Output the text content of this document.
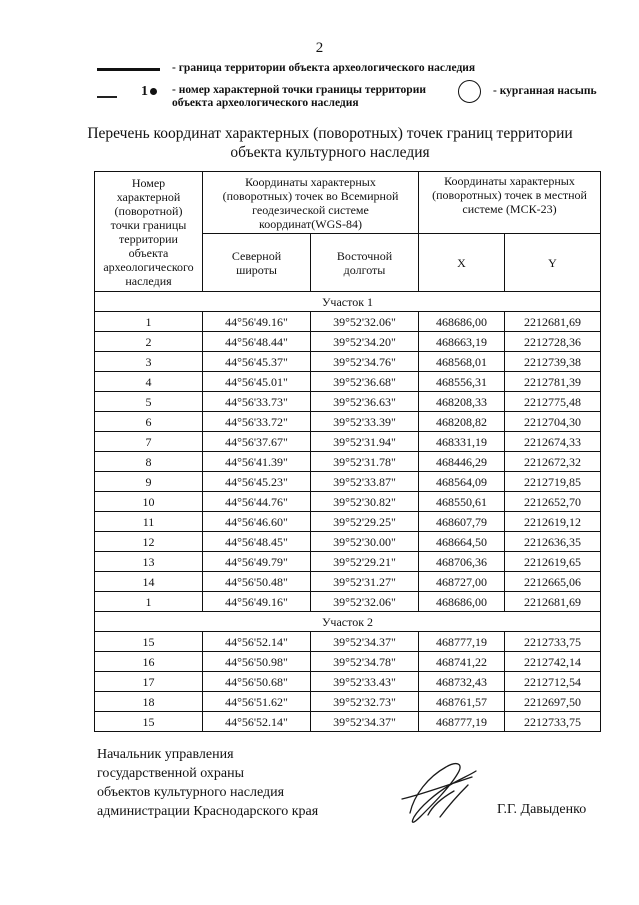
2
- граница территории объекта археологического наследия
1	- номер характерной точки границы территории
объекта археологического наследия
- курганная насыпь
Перечень координат характерных (поворотных) точек границ территории
объекта культурного наследия
Номер характерной (поворотной) точки границы территории объекта археологического наследия	Координаты характерных (поворотных) точек во Всемирной геодезической системе координат(WGS-84)		Координаты характерных (поворотных) точек в местной системе (МСК-23)	
	Северной широты	Восточной долготы	X	Y
Участок 1				
1	44°56'49.16"	39°52'32.06"	468686,00	2212681,69
2	44°56'48.44"	39°52'34.20"	468663,19	2212728,36
3	44°56'45.37"	39°52'34.76"	468568,01	2212739,38
4	44°56'45.01"	39°52'36.68"	468556,31	2212781,39
5	44°56'33.73"	39°52'36.63"	468208,33	2212775,48
6	44°56'33.72"	39°52'33.39"	468208,82	2212704,30
7	44°56'37.67"	39°52'31.94"	468331,19	2212674,33
8	44°56'41.39"	39°52'31.78"	468446,29	2212672,32
9	44°56'45.23"	39°52'33.87"	468564,09	2212719,85
10	44°56'44.76"	39°52'30.82"	468550,61	2212652,70
11	44°56'46.60"	39°52'29.25"	468607,79	2212619,12
12	44°56'48.45"	39°52'30.00"	468664,50	2212636,35
13	44°56'49.79"	39°52'29.21"	468706,36	2212619,65
14	44°56'50.48"	39°52'31.27"	468727,00	2212665,06
1	44°56'49.16"	39°52'32.06"	468686,00	2212681,69
Участок 2				
15	44°56'52.14"	39°52'34.37"	468777,19	2212733,75
16	44°56'50.98"	39°52'34.78"	468741,22	2212742,14
17	44°56'50.68"	39°52'33.43"	468732,43	2212712,54
18	44°56'51.62"	39°52'32.73"	468761,57	2212697,50
15	44°56'52.14"	39°52'34.37"	468777,19	2212733,75
Начальник управления
государственной охраны
объектов культурного наследия
администрации Краснодарского края	Г.Г. Давыденко
